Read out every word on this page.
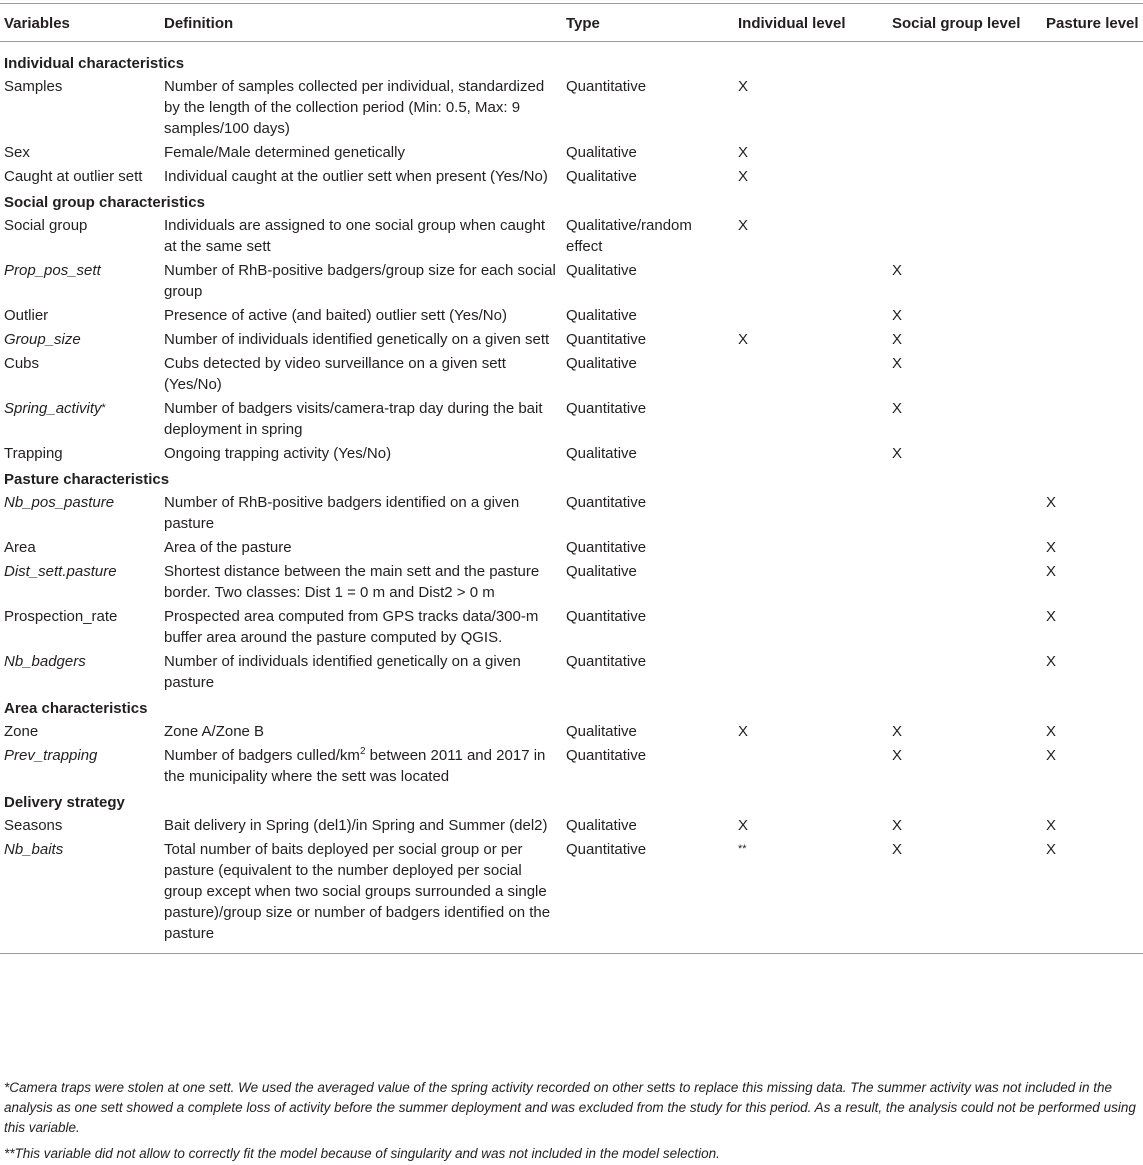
Variables	Definition	Type	Individual level	Social group level	Pasture level
Individual characteristics					
Samples	Number of samples collected per individual, standardized by the length of the collection period (Min: 0.5, Max: 9 samples/100 days)	Quantitative	X		
Sex	Female/Male determined genetically	Qualitative	X		
Caught at outlier sett	Individual caught at the outlier sett when present (Yes/No)	Qualitative	X		
Social group characteristics					
Social group	Individuals are assigned to one social group when caught at the same sett	Qualitative/random effect	X		
Prop_pos_sett	Number of RhB-positive badgers/group size for each social group	Qualitative		X	
Outlier	Presence of active (and baited) outlier sett (Yes/No)	Qualitative		X	
Group_size	Number of individuals identified genetically on a given sett	Quantitative	X	X	
Cubs	Cubs detected by video surveillance on a given sett (Yes/No)	Qualitative		X	
Spring_activity*	Number of badgers visits/camera-trap day during the bait deployment in spring	Quantitative		X	
Trapping	Ongoing trapping activity (Yes/No)	Qualitative		X	
Pasture characteristics					
Nb_pos_pasture	Number of RhB-positive badgers identified on a given pasture	Quantitative			X
Area	Area of the pasture	Quantitative			X
Dist_sett.pasture	Shortest distance between the main sett and the pasture border. Two classes: Dist 1 = 0 m and Dist2 > 0 m	Qualitative			X
Prospection_rate	Prospected area computed from GPS tracks data/300-m buffer area around the pasture computed by QGIS.	Quantitative			X
Nb_badgers	Number of individuals identified genetically on a given pasture	Quantitative			X
Area characteristics					
Zone	Zone A/Zone B	Qualitative	X	X	X
Prev_trapping	Number of badgers culled/$km^2$ between 2011 and 2017 in the municipality where the sett was located	Quantitative		X	X
Delivery strategy					
Seasons	Bait delivery in Spring (del1)/in Spring and Summer (del2)	Qualitative	X	X	X
Nb_baits	Total number of baits deployed per social group or per pasture (equivalent to the number deployed per social group except when two social groups surrounded a single pasture)/group size or number of badgers identified on the pasture	Quantitative	**	X	X
*Camera traps were stolen at one sett. We used the averaged value of the spring activity recorded on other setts to replace this missing data. The summer activity was not included in the analysis as one sett showed a complete loss of activity before the summer deployment and was excluded from the study for this period. As a result, the analysis could not be performed using this variable.
**This variable did not allow to correctly fit the model because of singularity and was not included in the model selection.
